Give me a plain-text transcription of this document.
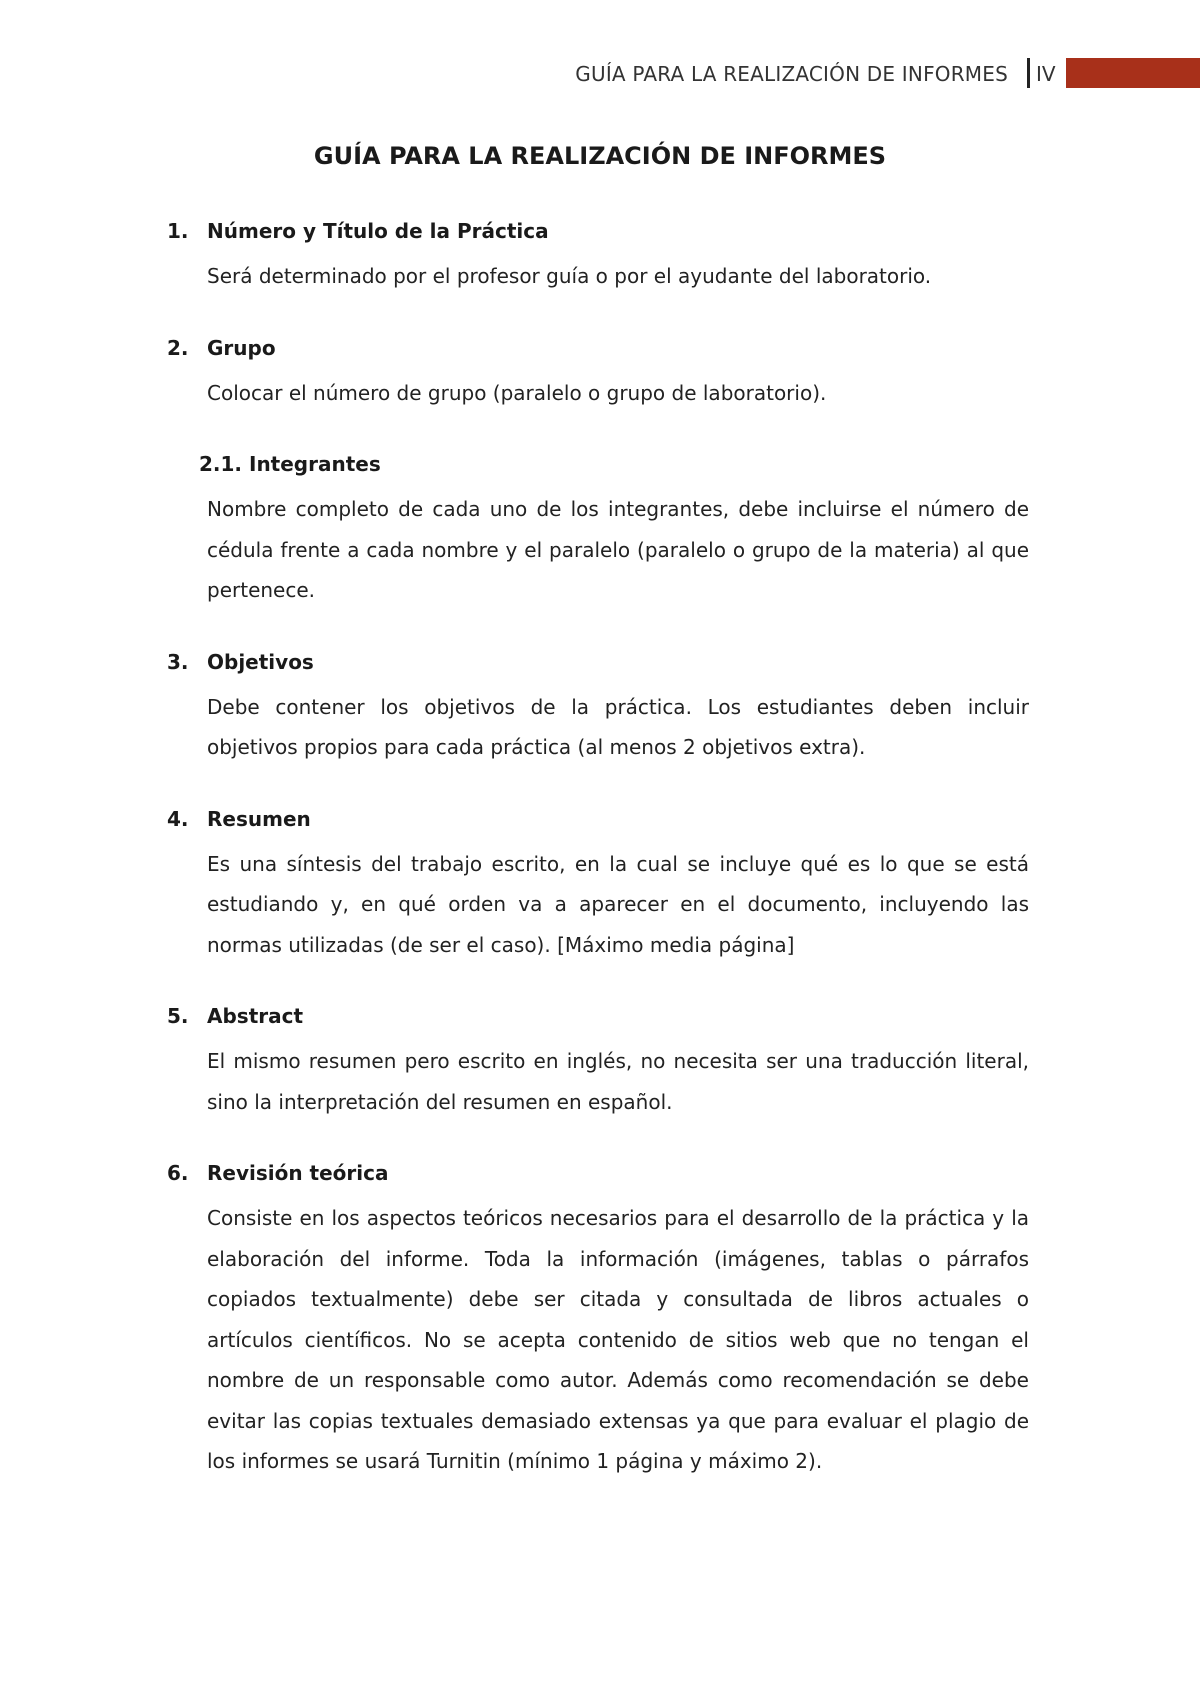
GUÍA PARA LA REALIZACIÓN DE INFORMES IV
GUÍA PARA LA REALIZACIÓN DE INFORMES
1. Número y Título de la Práctica
Será determinado por el profesor guía o por el ayudante del laboratorio.
2. Grupo
Colocar el número de grupo (paralelo o grupo de laboratorio).
2.1. Integrantes
Nombre completo de cada uno de los integrantes, debe incluirse el número de cédula frente a cada nombre y el paralelo (paralelo o grupo de la materia) al que pertenece.
3. Objetivos
Debe contener los objetivos de la práctica. Los estudiantes deben incluir objetivos propios para cada práctica (al menos 2 objetivos extra).
4. Resumen
Es una síntesis del trabajo escrito, en la cual se incluye qué es lo que se está estudiando y, en qué orden va a aparecer en el documento, incluyendo las normas utilizadas (de ser el caso). [Máximo media página]
5. Abstract
El mismo resumen pero escrito en inglés, no necesita ser una traducción literal, sino la interpretación del resumen en español.
6. Revisión teórica
Consiste en los aspectos teóricos necesarios para el desarrollo de la práctica y la elaboración del informe. Toda la información (imágenes, tablas o párrafos copiados textualmente) debe ser citada y consultada de libros actuales o artículos científicos. No se acepta contenido de sitios web que no tengan el nombre de un responsable como autor. Además como recomendación se debe evitar las copias textuales demasiado extensas ya que para evaluar el plagio de los informes se usará Turnitin (mínimo 1 página y máximo 2).
